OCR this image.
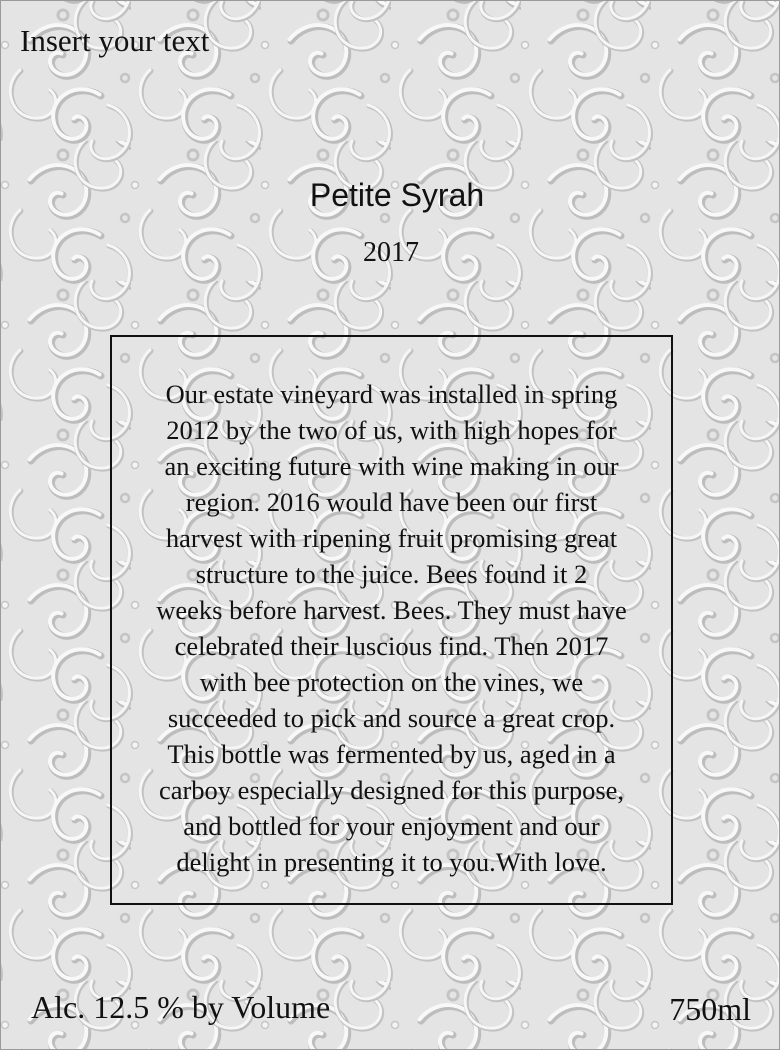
Insert your text
Petite Syrah
2017
Our estate vineyard was installed in spring
2012 by the two of us, with high hopes for
an exciting future with wine making in our
region. 2016 would have been our first
harvest with ripening fruit promising great
structure to the juice. Bees found it 2
weeks before harvest. Bees. They must have
celebrated their luscious find. Then 2017
with bee protection on the vines, we
succeeded to pick and source a great crop.
This bottle was fermented by us, aged in a
carboy especially designed for this purpose,
and bottled for your enjoyment and our
delight in presenting it to you.With love.
Alc. 12.5 % by Volume	750ml
